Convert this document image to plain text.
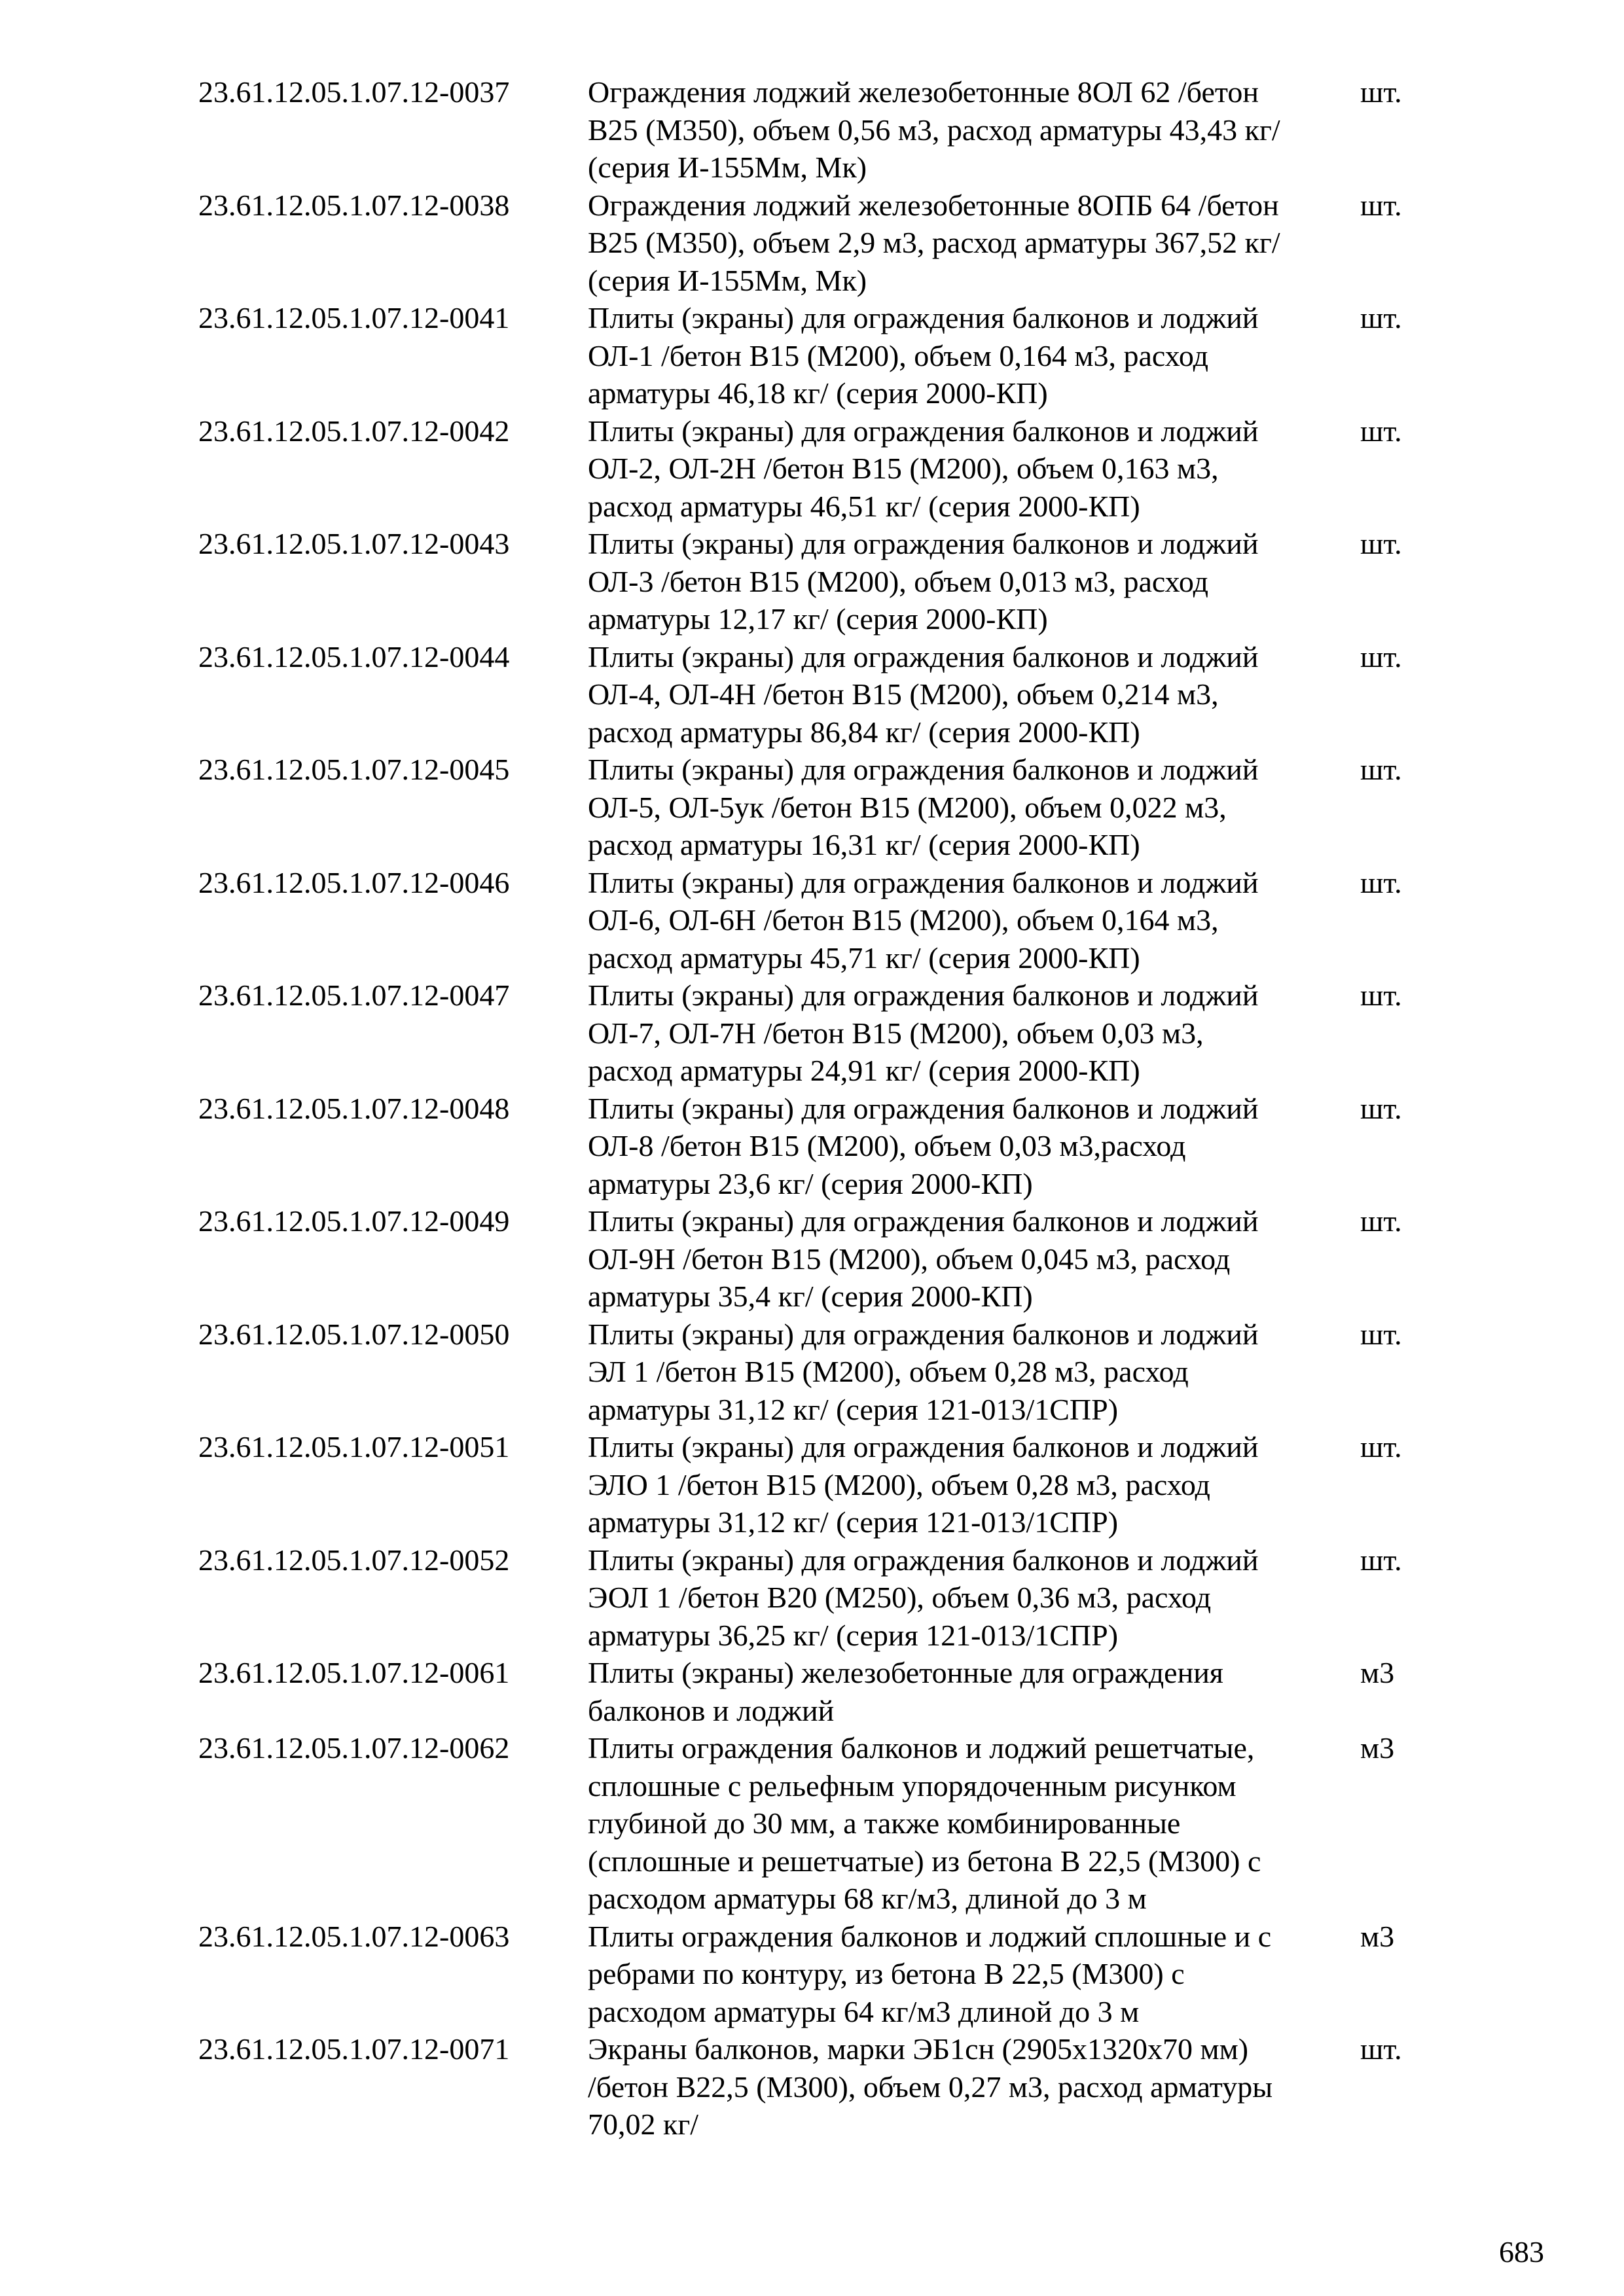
23.61.12.05.1.07.12-0037	Ограждения лоджий железобетонные 8ОЛ 62 /бетон
В25 (М350), объем 0,56 м3, расход арматуры 43,43 кг/
(серия И-155Мм, Мк)
шт.
23.61.12.05.1.07.12-0038	Ограждения лоджий железобетонные 8ОПБ 64 /бетон
В25 (М350), объем 2,9 м3, расход арматуры 367,52 кг/
(серия И-155Мм, Мк)
шт.
23.61.12.05.1.07.12-0041	Плиты (экраны) для ограждения балконов и лоджий
ОЛ-1 /бетон В15 (М200), объем 0,164 м3, расход
арматуры 46,18 кг/ (серия 2000-КП)
шт.
23.61.12.05.1.07.12-0042	Плиты (экраны) для ограждения балконов и лоджий
ОЛ-2, ОЛ-2Н /бетон В15 (М200), объем 0,163 м3,
расход арматуры 46,51 кг/ (серия 2000-КП)
шт.
23.61.12.05.1.07.12-0043	Плиты (экраны) для ограждения балконов и лоджий
ОЛ-3 /бетон В15 (М200), объем 0,013 м3, расход
арматуры 12,17 кг/ (серия 2000-КП)
шт.
23.61.12.05.1.07.12-0044	Плиты (экраны) для ограждения балконов и лоджий
ОЛ-4, ОЛ-4Н /бетон В15 (М200), объем 0,214 м3,
расход арматуры 86,84 кг/ (серия 2000-КП)
шт.
23.61.12.05.1.07.12-0045	Плиты (экраны) для ограждения балконов и лоджий
ОЛ-5, ОЛ-5ук /бетон В15 (М200), объем 0,022 м3,
расход арматуры 16,31 кг/ (серия 2000-КП)
шт.
23.61.12.05.1.07.12-0046	Плиты (экраны) для ограждения балконов и лоджий
ОЛ-6, ОЛ-6Н /бетон В15 (М200), объем 0,164 м3,
расход арматуры 45,71 кг/ (серия 2000-КП)
шт.
23.61.12.05.1.07.12-0047	Плиты (экраны) для ограждения балконов и лоджий
ОЛ-7, ОЛ-7Н /бетон В15 (М200), объем 0,03 м3,
расход арматуры 24,91 кг/ (серия 2000-КП)
шт.
23.61.12.05.1.07.12-0048	Плиты (экраны) для ограждения балконов и лоджий
ОЛ-8 /бетон В15 (М200), объем 0,03 м3,расход
арматуры 23,6 кг/ (серия 2000-КП)
шт.
23.61.12.05.1.07.12-0049	Плиты (экраны) для ограждения балконов и лоджий
ОЛ-9Н /бетон В15 (М200), объем 0,045 м3, расход
арматуры 35,4 кг/ (серия 2000-КП)
шт.
23.61.12.05.1.07.12-0050	Плиты (экраны) для ограждения балконов и лоджий
ЭЛ 1 /бетон В15 (М200), объем 0,28 м3, расход
арматуры 31,12 кг/ (серия 121-013/1СПР)
шт.
23.61.12.05.1.07.12-0051	Плиты (экраны) для ограждения балконов и лоджий
ЭЛО 1 /бетон В15 (М200), объем 0,28 м3, расход
арматуры 31,12 кг/ (серия 121-013/1СПР)
шт.
23.61.12.05.1.07.12-0052	Плиты (экраны) для ограждения балконов и лоджий
ЭОЛ 1 /бетон В20 (М250), объем 0,36 м3, расход
арматуры 36,25 кг/ (серия 121-013/1СПР)
шт.
23.61.12.05.1.07.12-0061	Плиты (экраны) железобетонные для ограждения
балконов и лоджий
м3
23.61.12.05.1.07.12-0062	Плиты ограждения балконов и лоджий решетчатые,
сплошные с рельефным упорядоченным рисунком
глубиной до 30 мм, а также комбинированные
(сплошные и решетчатые) из бетона В 22,5 (М300) с
расходом арматуры 68 кг/м3, длиной до 3 м
м3
23.61.12.05.1.07.12-0063	Плиты ограждения балконов и лоджий сплошные и с
ребрами по контуру, из бетона В 22,5 (М300) с
расходом арматуры 64 кг/м3 длиной до 3 м
м3
23.61.12.05.1.07.12-0071	Экраны балконов, марки ЭБ1сн (2905х1320х70 мм)
/бетон В22,5 (М300), объем 0,27 м3, расход арматуры
70,02 кг/
шт.
683
